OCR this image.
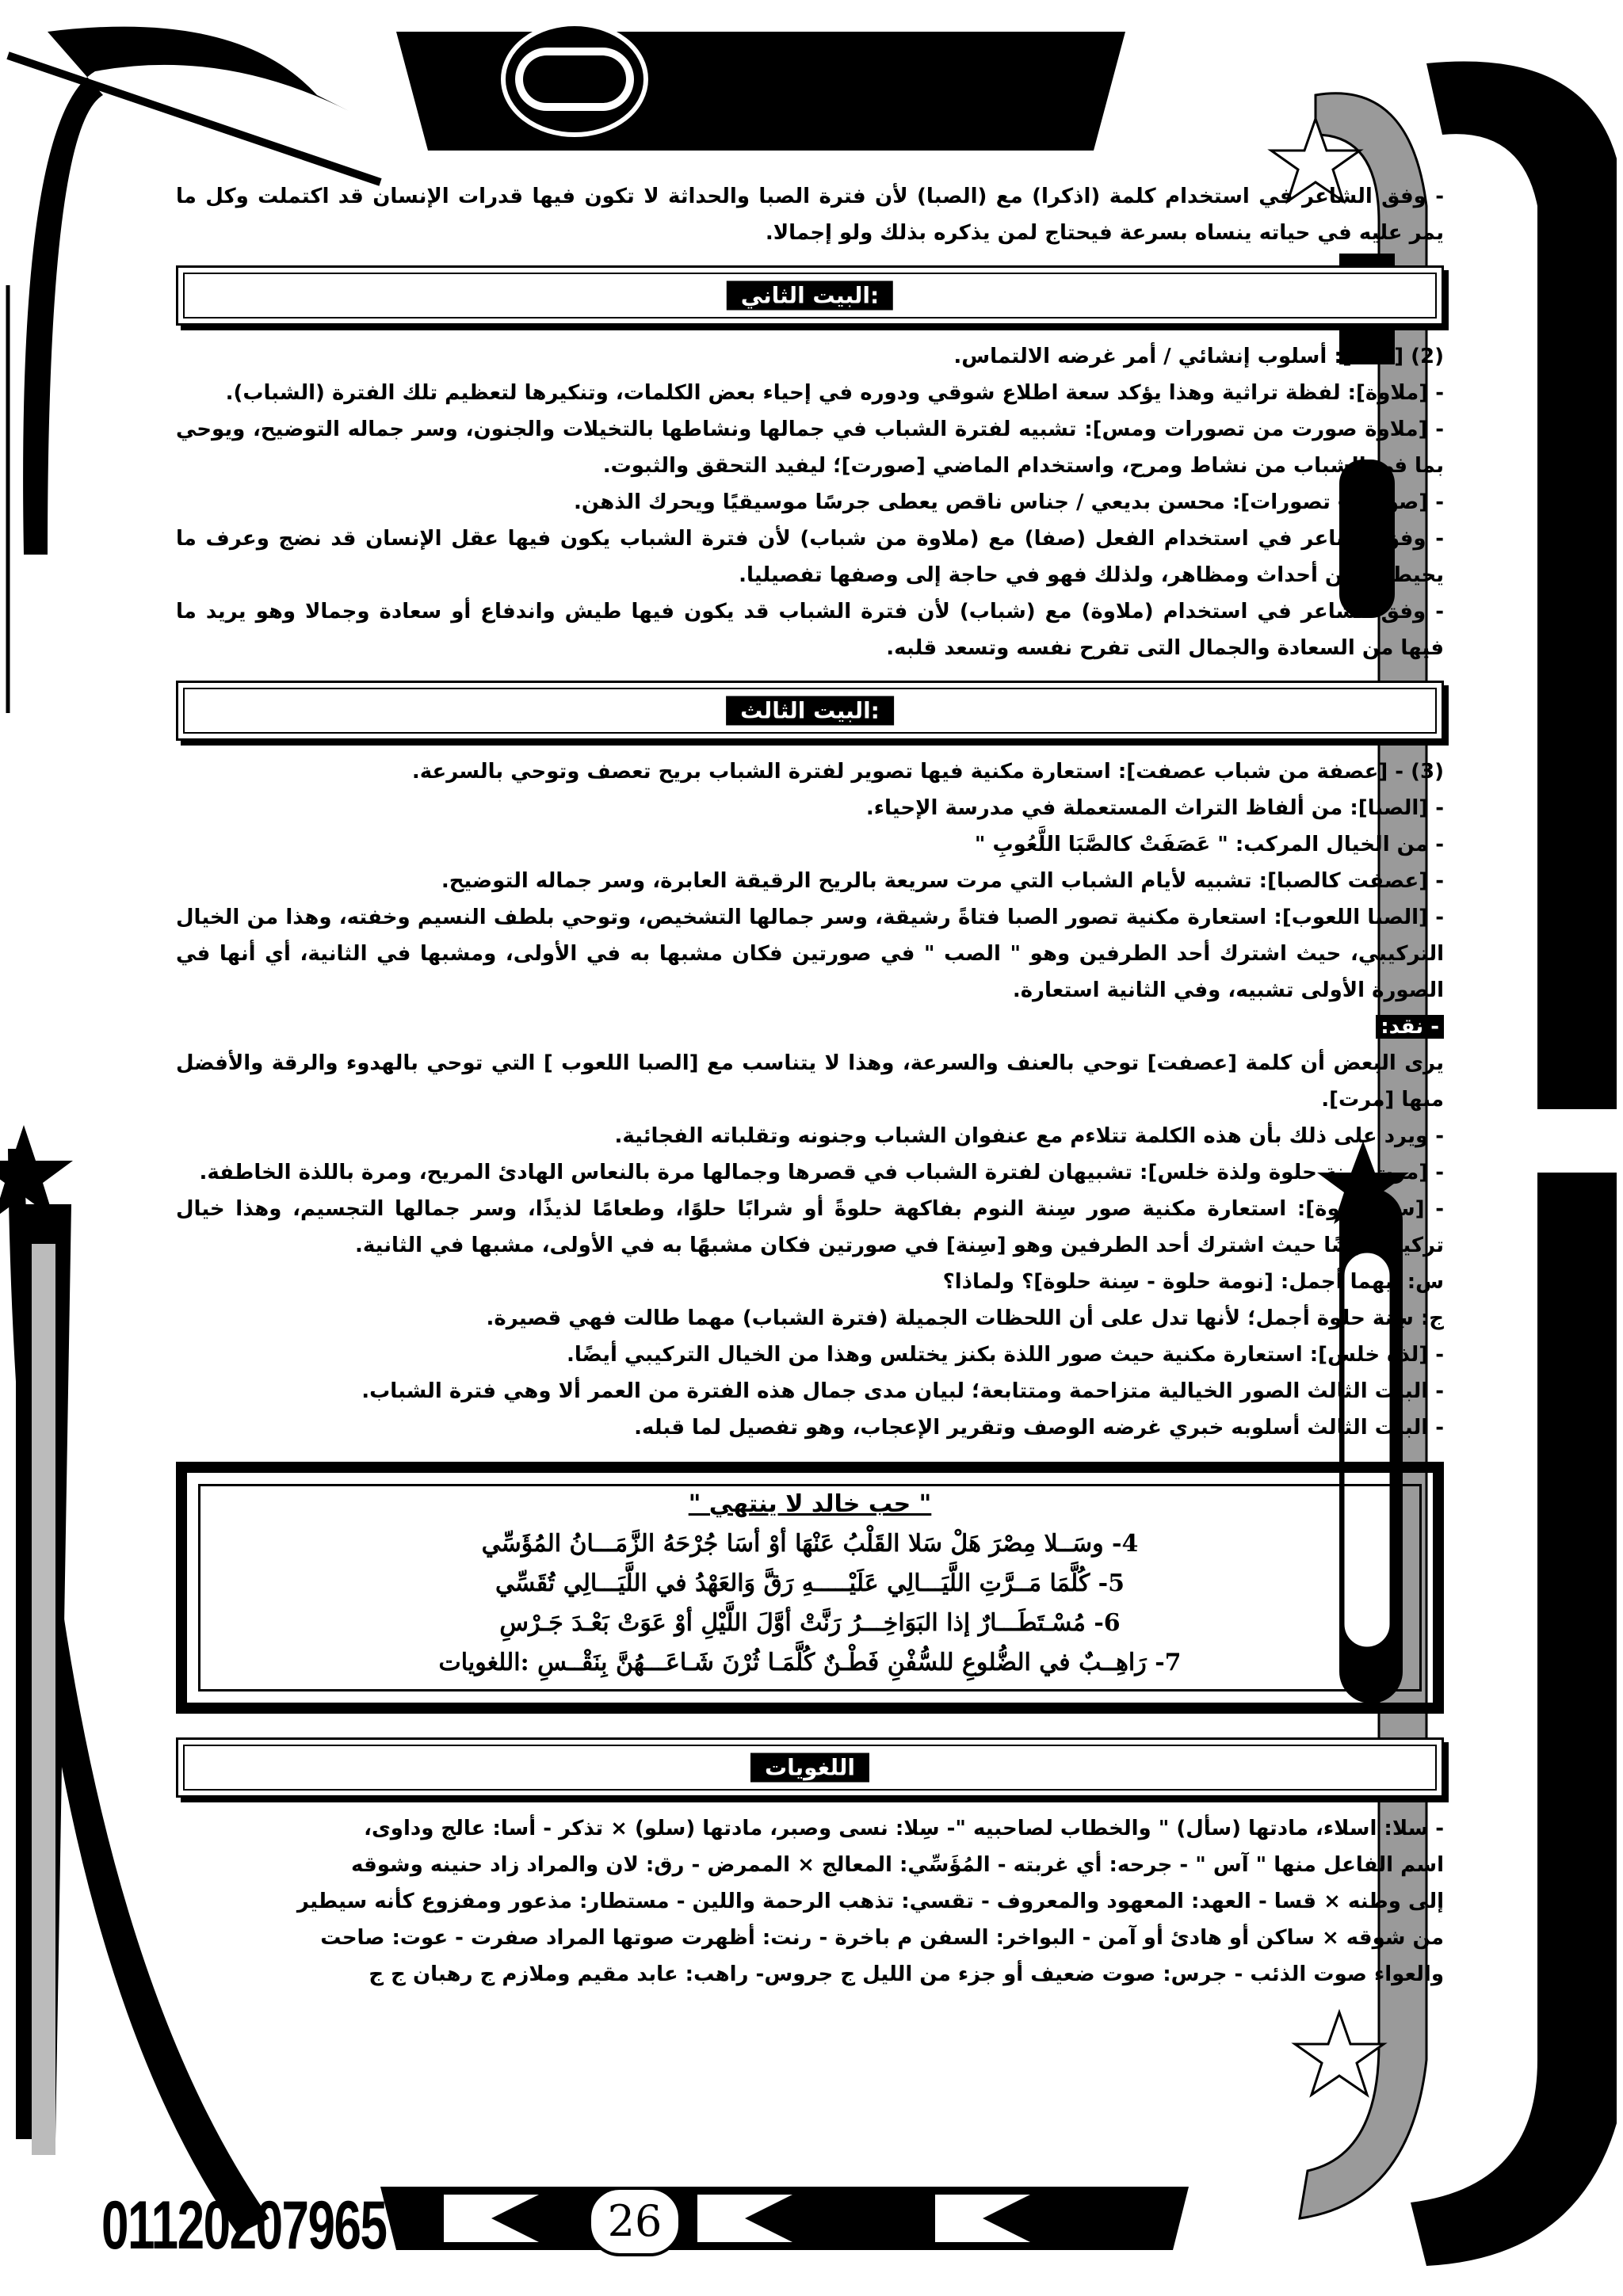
- وفق الشاعر في استخدام كلمة (اذكرا) مع (الصبا) لأن فترة الصبا والحداثة لا تكون فيها قدرات الإنسان قد اكتملت وكل ما يمر عليه في حياته ينساه بسرعة فيحتاج لمن يذكره بذلك ولو إجمالا.

:البيت الثاني

(2) [صفا]: أسلوب إنشائي / أمر غرضه الالتماس.

- [ملاوة]: لفظة تراثية وهذا يؤكد سعة اطلاع شوقي ودوره في إحياء بعض الكلمات، وتنكيرها لتعظيم تلك الفترة (الشباب).

- [ملاوة صورت من تصورات ومس]: تشبيه لفترة الشباب في جمالها ونشاطها بالتخيلات والجنون، وسر جماله التوضيح، ويوحي بما في الشباب من نشاط ومرح، واستخدام الماضي [صورت]؛ ليفيد التحقق والثبوت.

- [صورت - تصورات]: محسن بديعي / جناس ناقص يعطى جرسًا موسيقيًا ويحرك الذهن.

- وفق الشاعر في استخدام الفعل (صفا) مع (ملاوة من شباب) لأن فترة الشباب يكون فيها عقل الإنسان قد نضج وعرف ما يحيط به من أحداث ومظاهر، ولذلك فهو في حاجة إلى وصفها تفصيليا.

- وفق الشاعر في استخدام (ملاوة) مع (شباب) لأن فترة الشباب قد يكون فيها طيش واندفاع أو سعادة وجمالا وهو يريد ما فيها من السعادة والجمال التى تفرح نفسه وتسعد قلبه.

:البيت الثالث

(3) - [عصفة من شباب عصفت]: استعارة مكنية فيها تصوير لفترة الشباب بريح تعصف وتوحي بالسرعة.

- [الصبا]: من ألفاظ التراث المستعملة في مدرسة الإحياء.

- من الخيال المركب: " عَصَفَتْ كالصَّبَا اللَّعُوبِ "

- [عصفت كالصبا]: تشبيه لأيام الشباب التي مرت سريعة بالريح الرقيقة العابرة، وسر جماله التوضيح.

- [الصبا اللعوب]: استعارة مكنية تصور الصبا فتاةً رشيقة، وسر جمالها التشخيص، وتوحي بلطف النسيم وخفته، وهذا من الخيال التركيبي، حيث اشترك أحد الطرفين وهو " الصب " في صورتين فكان مشبها به في الأولى، ومشبها في الثانية، أي أنها في الصورة الأولى تشبيه، وفي الثانية استعارة.

- نقد:

يرى البعض أن كلمة [عصفت] توحي بالعنف والسرعة، وهذا لا يتناسب مع [الصبا اللعوب ] التي توحي بالهدوء والرقة والأفضل منها [مرت].

- ويرد على ذلك بأن هذه الكلمة تتلاءم مع عنفوان الشباب وجنونه وتقلباته الفجائية.

- [مرت سنة حلوة ولذة خلس]: تشبيهان لفترة الشباب في قصرها وجمالها مرة بالنعاس الهادئ المريح، ومرة باللذة الخاطفة.

- [سنة حلوة]: استعارة مكنية صور سِنة النوم بفاكهة حلوةً أو شرابًا حلوًا، وطعامًا لذيذًا، وسر جمالها التجسيم، وهذا خيال تركيبي أيضًا حيث اشترك أحد الطرفين وهو [سِنة] في صورتين فكان مشبهًا به في الأولى، مشبها في الثانية.

س: أيهما أجمل: [نومة حلوة - سِنة حلوة]؟ ولماذا؟

ج: سِنة حلوة أجمل؛ لأنها تدل على أن اللحظات الجميلة (فترة الشباب) مهما طالت فهي قصيرة.

- [لذة خلس]: استعارة مكنية حيث صور اللذة بكنز يختلس وهذا من الخيال التركيبي أيضًا.

- البيت الثالث الصور الخيالية متزاحمة ومتتابعة؛ لبيان مدى جمال هذه الفترة من العمر ألا وهي فترة الشباب.

- البيت الثالث أسلوبه خبري غرضه الوصف وتقرير الإعجاب، وهو تفصيل لما قبله.

" حب خالد لا ينتهي "
4- وسَــلا مِصْرَ هَلْ سَلا القَلْبُ عَنْهَا أوْ أسَا جُرْحَهُ الزَّمَـــانُ المُؤَسِّي
5- كُلَّمَا مَــرَّتِ اللَّيَـــالِي عَلَيْـــــهِ رَقَّ وَالعَهْدُ في اللَّيَـــالِي تُقَسِّي
6- مُسْـتَطَـــارٌ إذا البَوَاخِـــرُ رَنَّتْ أوَّلَ اللَّيْلِ أوْ عَوَتْ بَعْـدَ جَـرْسِ
7- رَاهِــبٌ في الضُّلوعِ للسُّفْنِ فَطْـنٌ كُلَّمَـا ثُرْنَ شَـاعَـــهُنَّ بِنَقْــسِ :اللغويات
اللغويات

- سلا: اسلاء، مادتها (سأل) " والخطاب لصاحبيه "- سِلا: نسى وصبر، مادتها (سلو) × تذكر - أسا: عالج وداوى،

اسم الفاعل منها " آس " - جرحه: أي غربته - المُؤَسِّي: المعالج × الممرض - رق: لان والمراد زاد حنينه وشوقه

إلى وطنه × قسا - العهد: المعهود والمعروف - تقسي: تذهب الرحمة واللين - مستطار: مذعور ومفزوع كأنه سيطير

من شوقه × ساكن أو هادئ أو آمن - البواخر: السفن م باخرة - رنت: أظهرت صوتها المراد صفرت - عوت: صاحت

والعواء صوت الذئب - جرس: صوت ضعيف أو جزء من الليل ج جروس- راهب: عابد مقيم وملازم ج رهبان ج ج

01120207965	26
